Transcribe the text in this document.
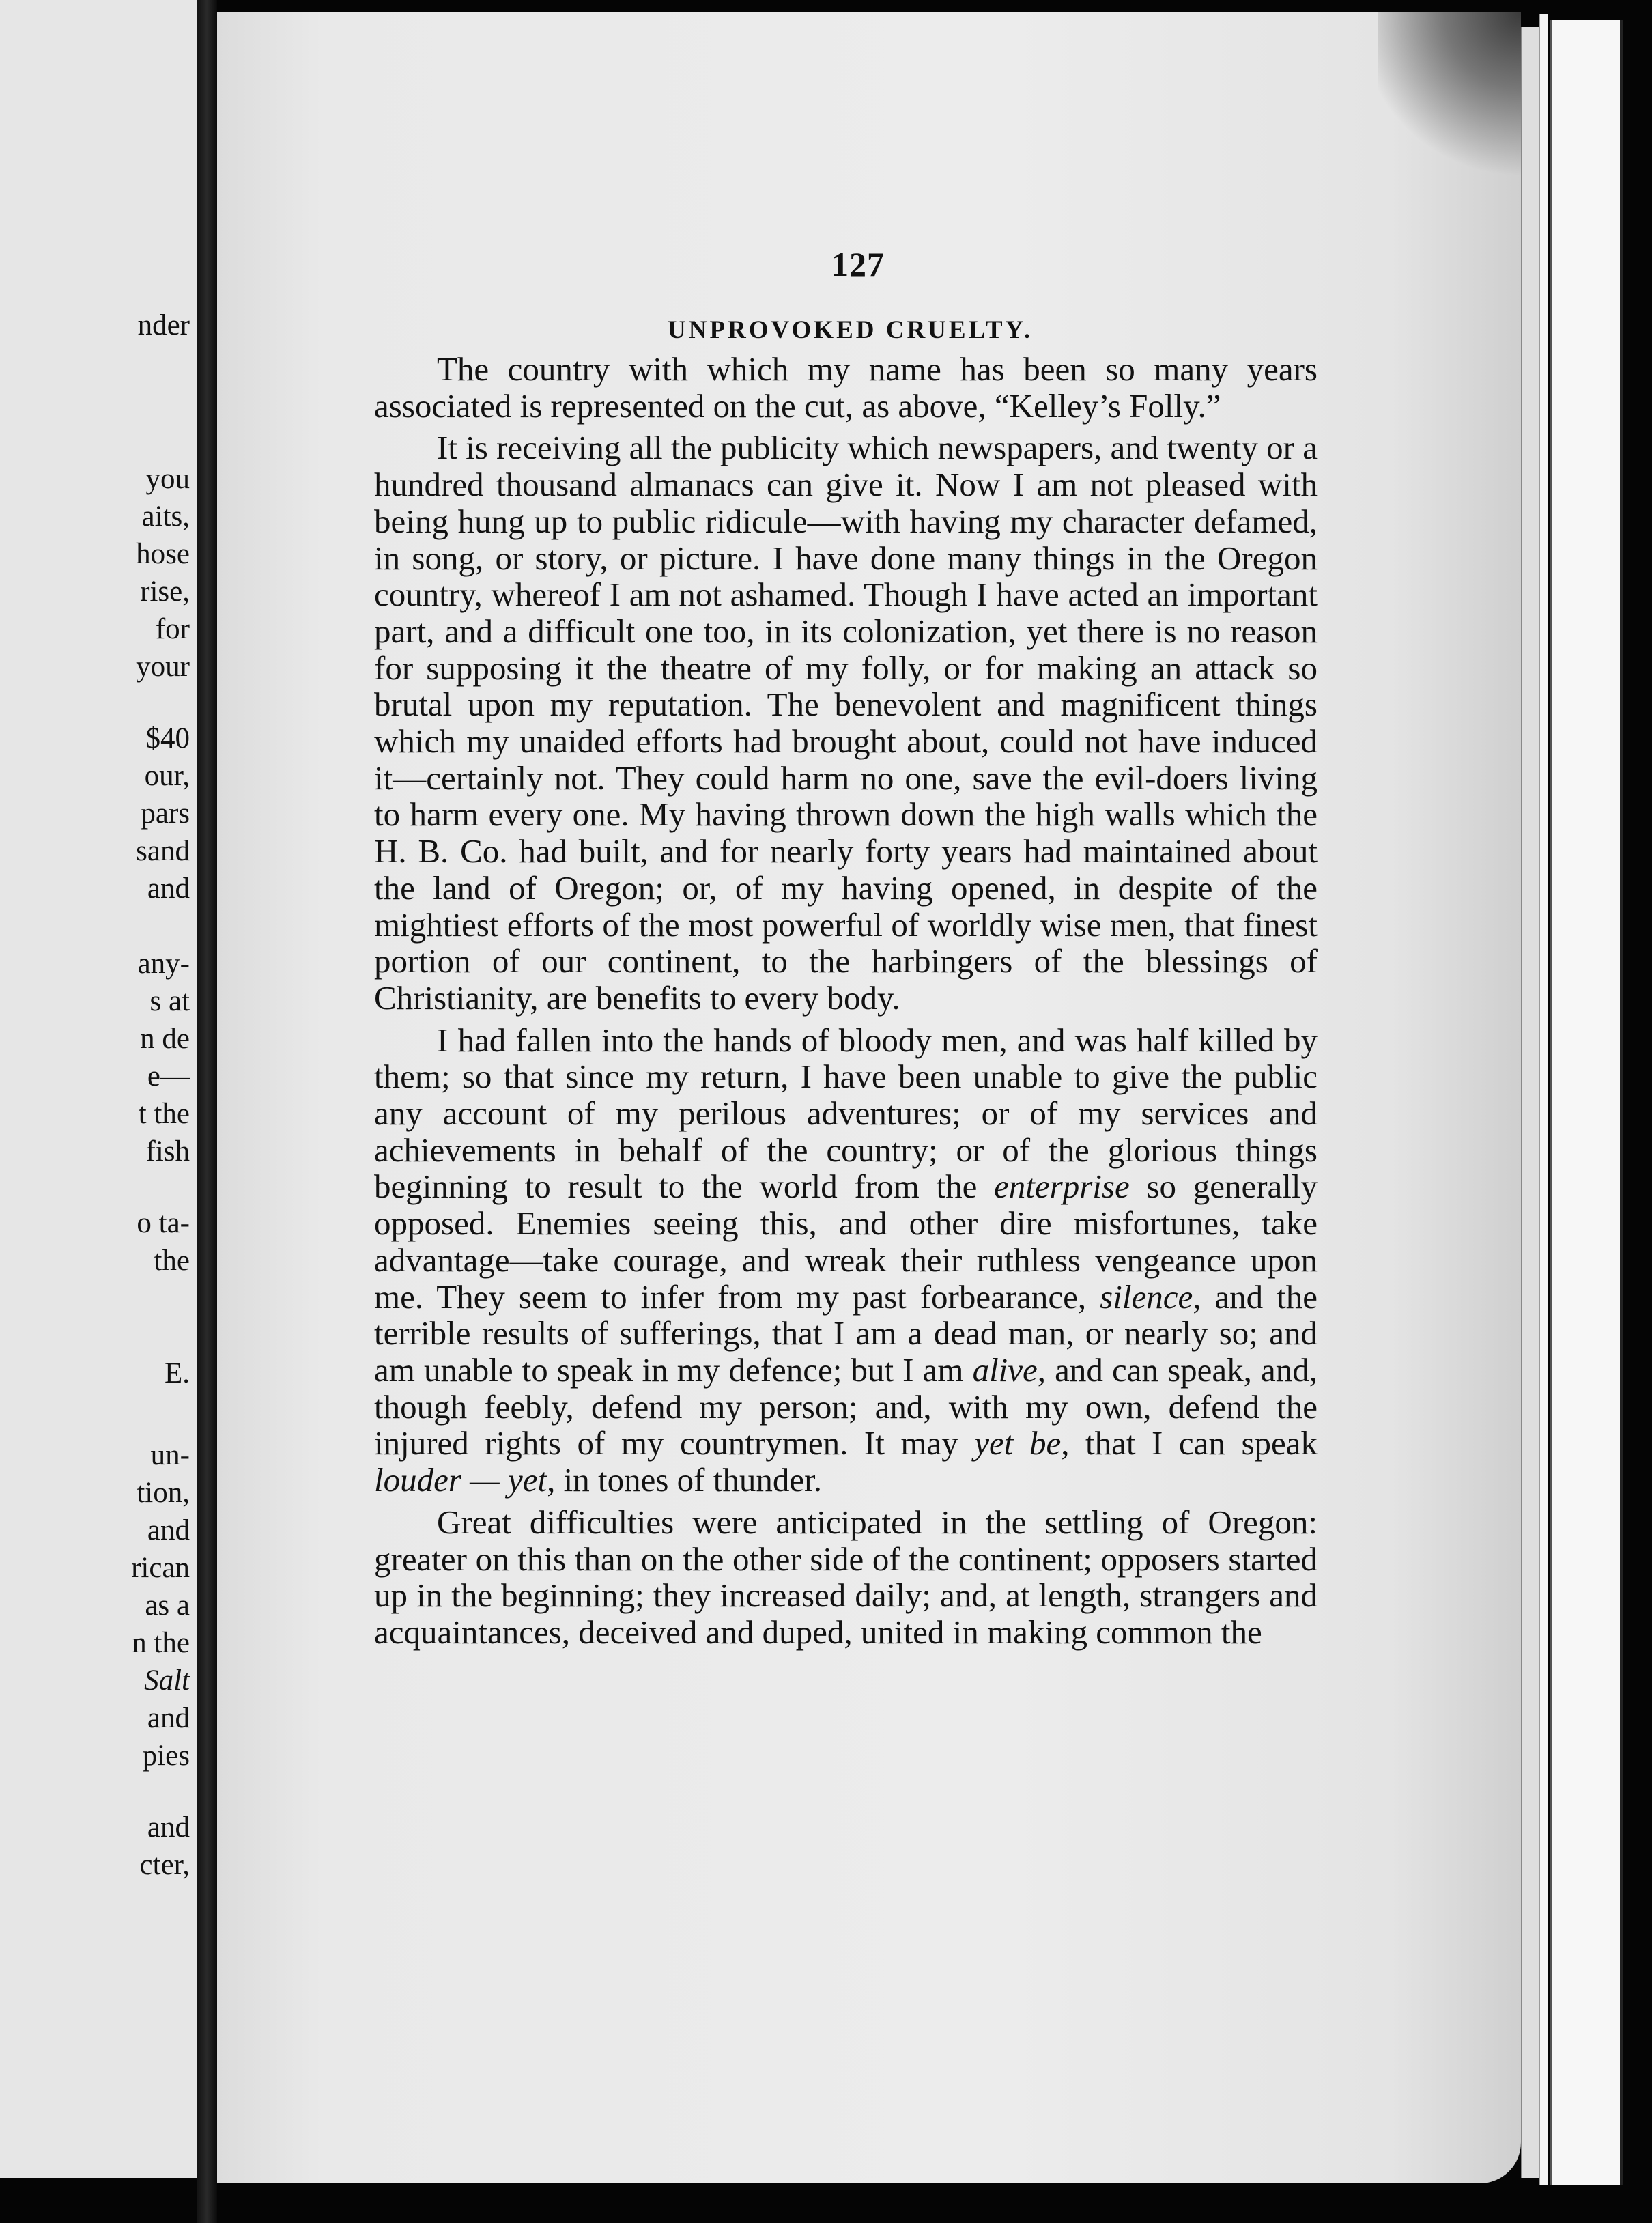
nder
you
aits,
hose
rise,
for
your
$40
our,
pars
sand
and
any-
s at
n de
e—
t the
fish
o ta-
the
E.
un-
tion,
and
rican
as a
n the
Salt
and
pies
and
cter,
127
UNPROVOKED CRUELTY.

The country with which my name has been so many years associated is represented on the cut, as above, “Kelley’s Folly.”

It is receiving all the publicity which newspapers, and twenty or a hundred thousand almanacs can give it. Now I am not pleased with being hung up to public ridicule—with having my character defamed, in song, or story, or picture. I have done many things in the Oregon country, whereof I am not ashamed. Though I have acted an important part, and a difficult one too, in its colonization, yet there is no reason for supposing it the theatre of my folly, or for making an attack so brutal upon my reputation. The benevolent and magnificent things which my unaided efforts had brought about, could not have induced it—certainly not. They could harm no one, save the evil-doers living to harm every one. My having thrown down the high walls which the H. B. Co. had built, and for nearly forty years had maintained about the land of Oregon; or, of my having opened, in despite of the mightiest efforts of the most powerful of worldly wise men, that finest portion of our continent, to the harbingers of the blessings of Christianity, are benefits to every body.

I had fallen into the hands of bloody men, and was half killed by them; so that since my return, I have been unable to give the public any account of my perilous adventures; or of my services and achievements in behalf of the country; or of the glorious things beginning to result to the world from the enterprise so generally opposed. Enemies seeing this, and other dire misfortunes, take advantage—take courage, and wreak their ruthless vengeance upon me. They seem to infer from my past forbearance, silence, and the terrible results of sufferings, that I am a dead man, or nearly so; and am unable to speak in my defence; but I am alive, and can speak, and, though feebly, defend my person; and, with my own, defend the injured rights of my countrymen. It may yet be, that I can speak louder — yet, in tones of thunder.

Great difficulties were anticipated in the settling of Oregon: greater on this than on the other side of the continent; opposers started up in the beginning; they increased daily; and, at length, strangers and acquaintances, deceived and duped, united in making common the
